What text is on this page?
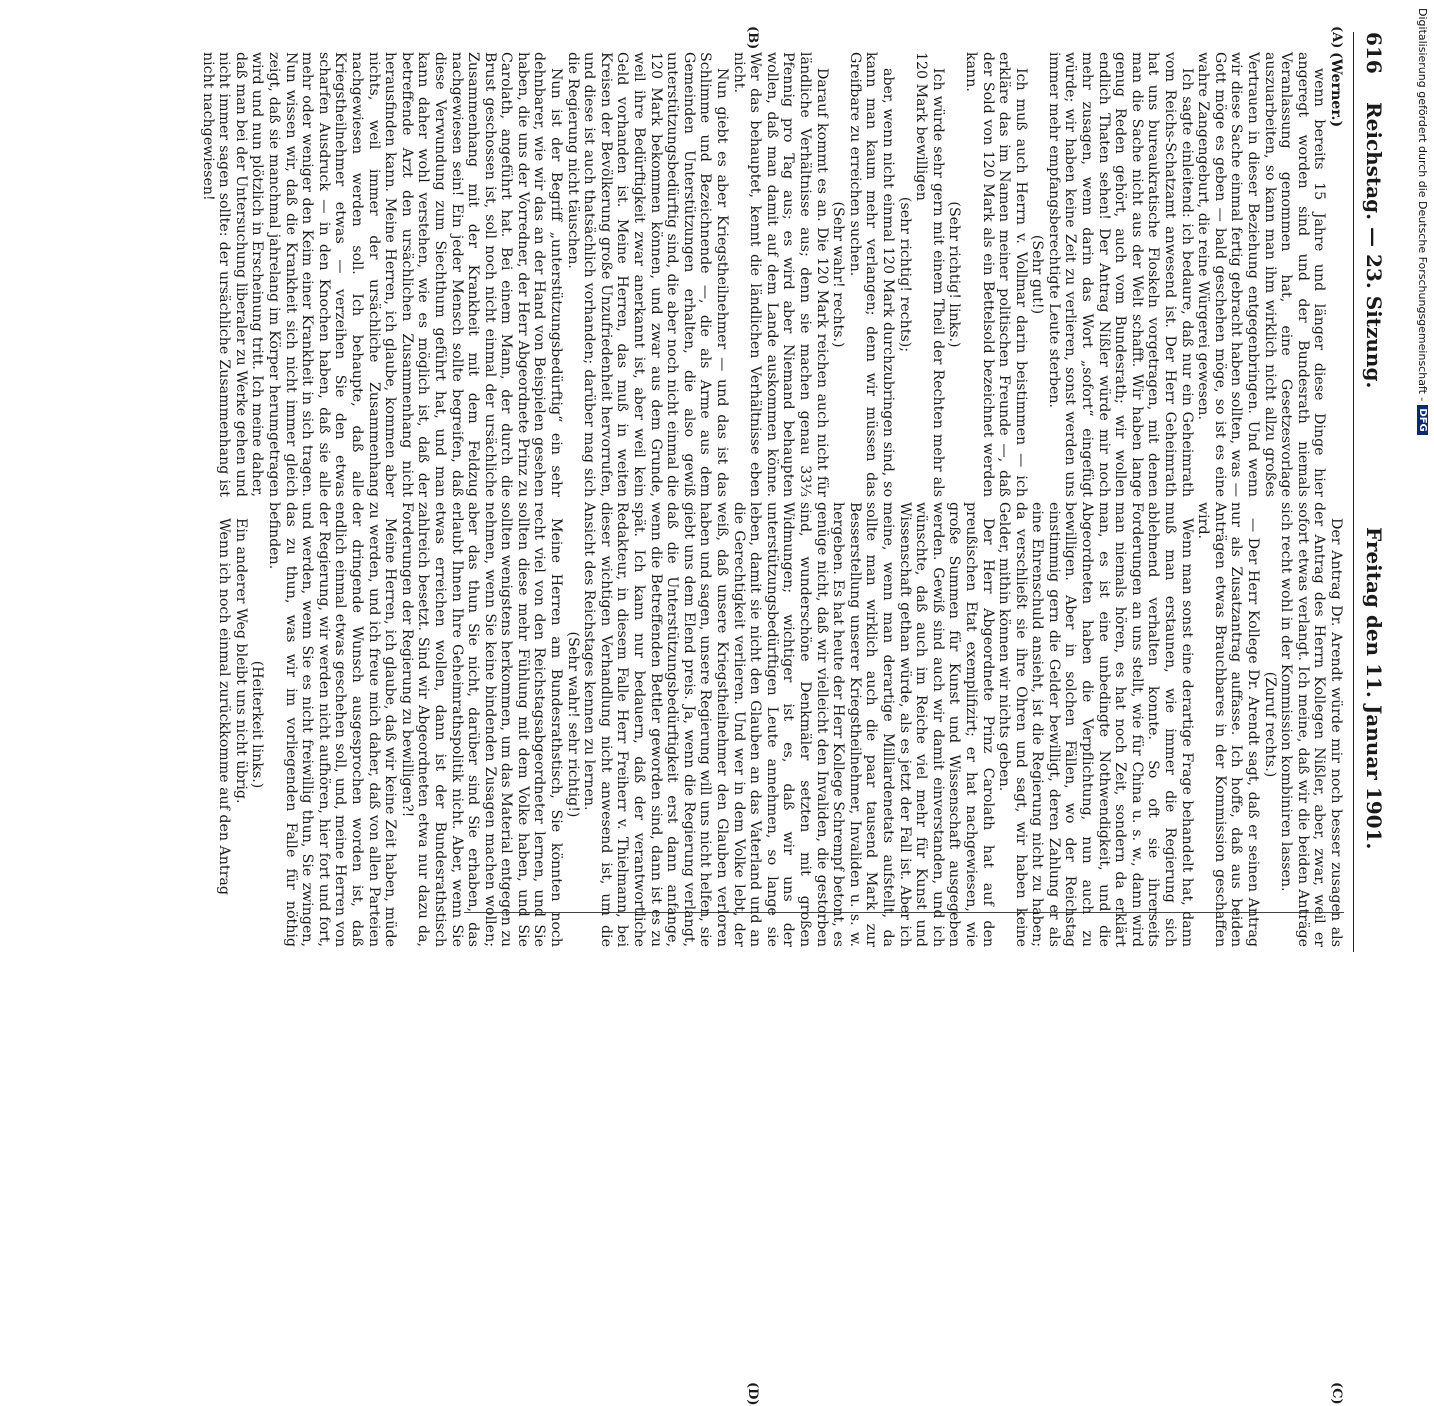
616
Reichstag. — 23. Sitzung.
Freitag den 11. Januar 1901.
(A)
(B)
(C)
(D)

(Werner.)

wenn bereits 15 Jahre und länger diese Dinge hier angeregt worden sind und der Bundesrath niemals Veranlassung genommen hat, eine Gesetzesvorlage auszuarbeiten, so kann man ihm wirklich nicht allzu großes Vertrauen in dieser Beziehung entgegenbringen. Und wenn wir diese Sache einmal fertig gebracht haben sollten, was — Gott möge es geben — bald geschehen möge, so ist es eine wahre Zangengeburt, die reine Würgerei gewesen.

Ich sagte einleitend: ich bedaure, daß nur ein Geheimrath vom Reichs-Schatzamt anwesend ist. Der Herr Geheimrath hat uns bureaukratische Floskeln vorgetragen, mit denen man die Sache nicht aus der Welt schafft. Wir haben lange genug Reden gehört, auch vom Bundesrath; wir wollen endlich Thaten sehen! Der Antrag Nißler würde mir noch mehr zusagen, wenn darin das Wort „sofort“ eingefügt würde; wir haben keine Zeit zu verlieren, sonst werden uns immer mehr empfangsberechtigte Leute sterben.

(Sehr gut!)

Ich muß auch Herrn v. Vollmar darin beistimmen — ich erkläre das im Namen meiner politischen Freunde —, daß der Sold von 120 Mark als ein Bettelsold bezeichnet werden kann.

(Sehr richtig! links.)

Ich würde sehr gern mit einem Theil der Rechten mehr als 120 Mark bewilligen

(sehr richtig! rechts);

aber, wenn nicht einmal 120 Mark durchzubringen sind, so kann man kaum mehr verlangen; denn wir müssen das Greifbare zu erreichen suchen.

(Sehr wahr! rechts.)

Darauf kommt es an. Die 120 Mark reichen auch nicht für ländliche Verhältnisse aus; denn sie machen genau 33⅓ Pfennig pro Tag aus; es wird aber Niemand behaupten wollen, daß man damit auf dem Lande auskommen könne. Wer das behauptet, kennt die ländlichen Verhältnisse eben nicht.

Nun giebt es aber Kriegstheilnehmer — und das ist das Schlimme und Bezeichnende —, die als Arme aus dem Gemeinden Unterstützungen erhalten, die also gewiß unterstützungsbedürftig sind, die aber noch nicht einmal die 120 Mark bekommen können, und zwar aus dem Grunde, weil ihre Bedürftigkeit zwar anerkannt ist, aber weil kein Geld vorhanden ist. Meine Herren, das muß in weiten Kreisen der Bevölkerung große Unzufriedenheit hervorrufen, und diese ist auch thatsächlich vorhanden; darüber mag sich die Regierung nicht täuschen.

Nun ist der Begriff „unterstützungsbedürftig“ ein sehr dehnbarer, wie wir das an der Hand von Beispielen gesehen haben, die uns der Vorredner, der Herr Abgeordnete Prinz zu Carolath, angeführt hat. Bei einem Mann, der durch die Brust geschossen ist, soll noch nicht einmal der ursächliche Zusammenhang mit der Krankheit mit dem Feldzug nachgewiesen sein! Ein jeder Mensch sollte begreifen, daß diese Verwundung zum Siechthum geführt hat, und man kann daher wohl verstehen, wie es möglich ist, daß der betreffende Arzt den ursächlichen Zusammenhang nicht herausfinden kann. Meine Herren, ich glaube, kommen aber nichts, weil immer der ursächliche Zusammenhang nachgewiesen werden soll. Ich behaupte, daß alle Kriegstheilnehmer etwas — verzeihen Sie den etwas scharfen Ausdruck — in den Knochen haben, daß sie alle mehr oder weniger den Keim einer Krankheit in sich tragen. Nun wissen wir, daß die Krankheit sich nicht immer gleich zeigt, daß sie manchmal jahrelang im Körper herumgetragen wird und nun plötzlich in Erscheinung tritt. Ich meine daher, daß man bei der Untersuchung liberaler zu Werke gehen und nicht immer sagen sollte: der ursächliche Zusammenhang ist nicht nachgewiesen!

Der Antrag Dr. Arendt würde mir noch besser zusagen als der Antrag des Herrn Kollegen Nißler, aber, zwar, weil er sofort etwas verlangt. Ich meine, daß wir die beiden Anträge sich recht wohl in der Kommission kombiniren lassen.

(Zuruf rechts.)

— Der Herr Kollege Dr. Arendt sagt, daß er seinen Antrag nur als Zusatzantrag auffasse. Ich hoffe, daß aus beiden Anträgen etwas Brauchbares in der Kommission geschaffen wird.

Wenn man sonst eine derartige Frage behandelt hat, dann muß man erstaunen, wie immer die Regierung sich ablehnend verhalten konnte. So oft sie ihrerseits Forderungen an uns stellt, wie für China u. s. w., dann wird man niemals hören, es hat noch Zeit, sondern da erklärt man, es ist eine unbedingte Nothwendigkeit, und die Abgeordneten haben die Verpflichtung, nun auch zu bewilligen. Aber in solchen Fällen, wo der Reichstag einstimmig gern die Gelder bewilligt, deren Zahlung er als eine Ehrenschuld ansieht, ist die Regierung nicht zu haben; da verschließt sie ihre Ohren und sagt, wir haben keine Gelder, mithin können wir nichts geben.

Der Herr Abgeordnete Prinz Carolath hat auf den preußischen Etat exemplifizirt; er hat nachgewiesen, wie große Summen für Kunst und Wissenschaft ausgegeben werden. Gewiß sind auch wir damit einverstanden, und ich wünschte, daß auch im Reiche viel mehr für Kunst und Wissenschaft gethan würde, als es jetzt der Fall ist. Aber ich meine, wenn man derartige Milliardenetats aufstellt, da sollte man wirklich auch die paar tausend Mark zur Besserstellung unserer Kriegstheilnehmer, Invaliden u. s. w. hergeben. Es hat heute der Herr Kollege Schrempf betont, es genüge nicht, daß wir vielleicht den Invaliden, die gestorben sind, wunderschöne Denkmäler setzten mit großen Widmungen; wichtiger ist es, daß wir uns der unterstützungsbedürftigen Leute annehmen, so lange sie leben, damit sie nicht den Glauben an das Vaterland und an die Gerechtigkeit verlieren. Und wer in dem Volke lebt, der weiß, daß unsere Kriegstheilnehmer den Glauben verloren haben und sagen, unsere Regierung will uns nicht helfen, sie giebt uns dem Elend preis. Ja, wenn die Regierung verlangt, daß die Unterstützungsbedürftigkeit erst dann anfange, wenn die Betreffenden Bettler geworden sind, dann ist es zu spät. Ich kann nur bedauern, daß der verantwortliche Redakteur, in diesem Falle Herr Freiherr v. Thielmann, bei dieser wichtigen Verhandlung nicht anwesend ist, um die Ansicht des Reichstages kennen zu lernen.

(Sehr wahr! sehr richtig!)

Meine Herren am Bundesrathstisch, Sie könnten noch recht viel von den Reichstagsabgeordneter lernen, und Sie sollten diese mehr Fühlung mit dem Volke haben, und Sie sollten wenigstens herkommen, um das Material entgegen zu nehmen, wenn Sie keine bindenden Zusagen machen wollen; aber das thun Sie nicht, darüber sind Sie erhaben, das erlaubt Ihnen Ihre Geheimrathspolitik nicht. Aber, wenn Sie etwas erreichen wollen, dann ist der Bundesrathstisch zahlreich besetzt. Sind wir Abgeordneten etwa nur dazu da, Forderungen der Regierung zu bewilligen?!

Meine Herren, ich glaube, daß wir keine Zeit haben, müde zu werden, und ich freue mich daher, daß von allen Parteien der dringende Wunsch ausgesprochen worden ist, daß endlich einmal etwas geschehen soll, und, meine Herren von der Regierung, wir werden nicht aufhören, hier fort und fort, und werden, wenn Sie es nicht freiwillig thun, Sie zwingen, das zu thun, was wir im vorliegenden Falle für nöthig befinden.

(Heiterkeit links.)

Ein anderer Weg bleibt uns nicht übrig.

Wenn ich noch einmal zurückkomme auf den Antrag

Digitalisierung gefördert durch die Deutsche Forschungsgemeinschaft -
DFG
